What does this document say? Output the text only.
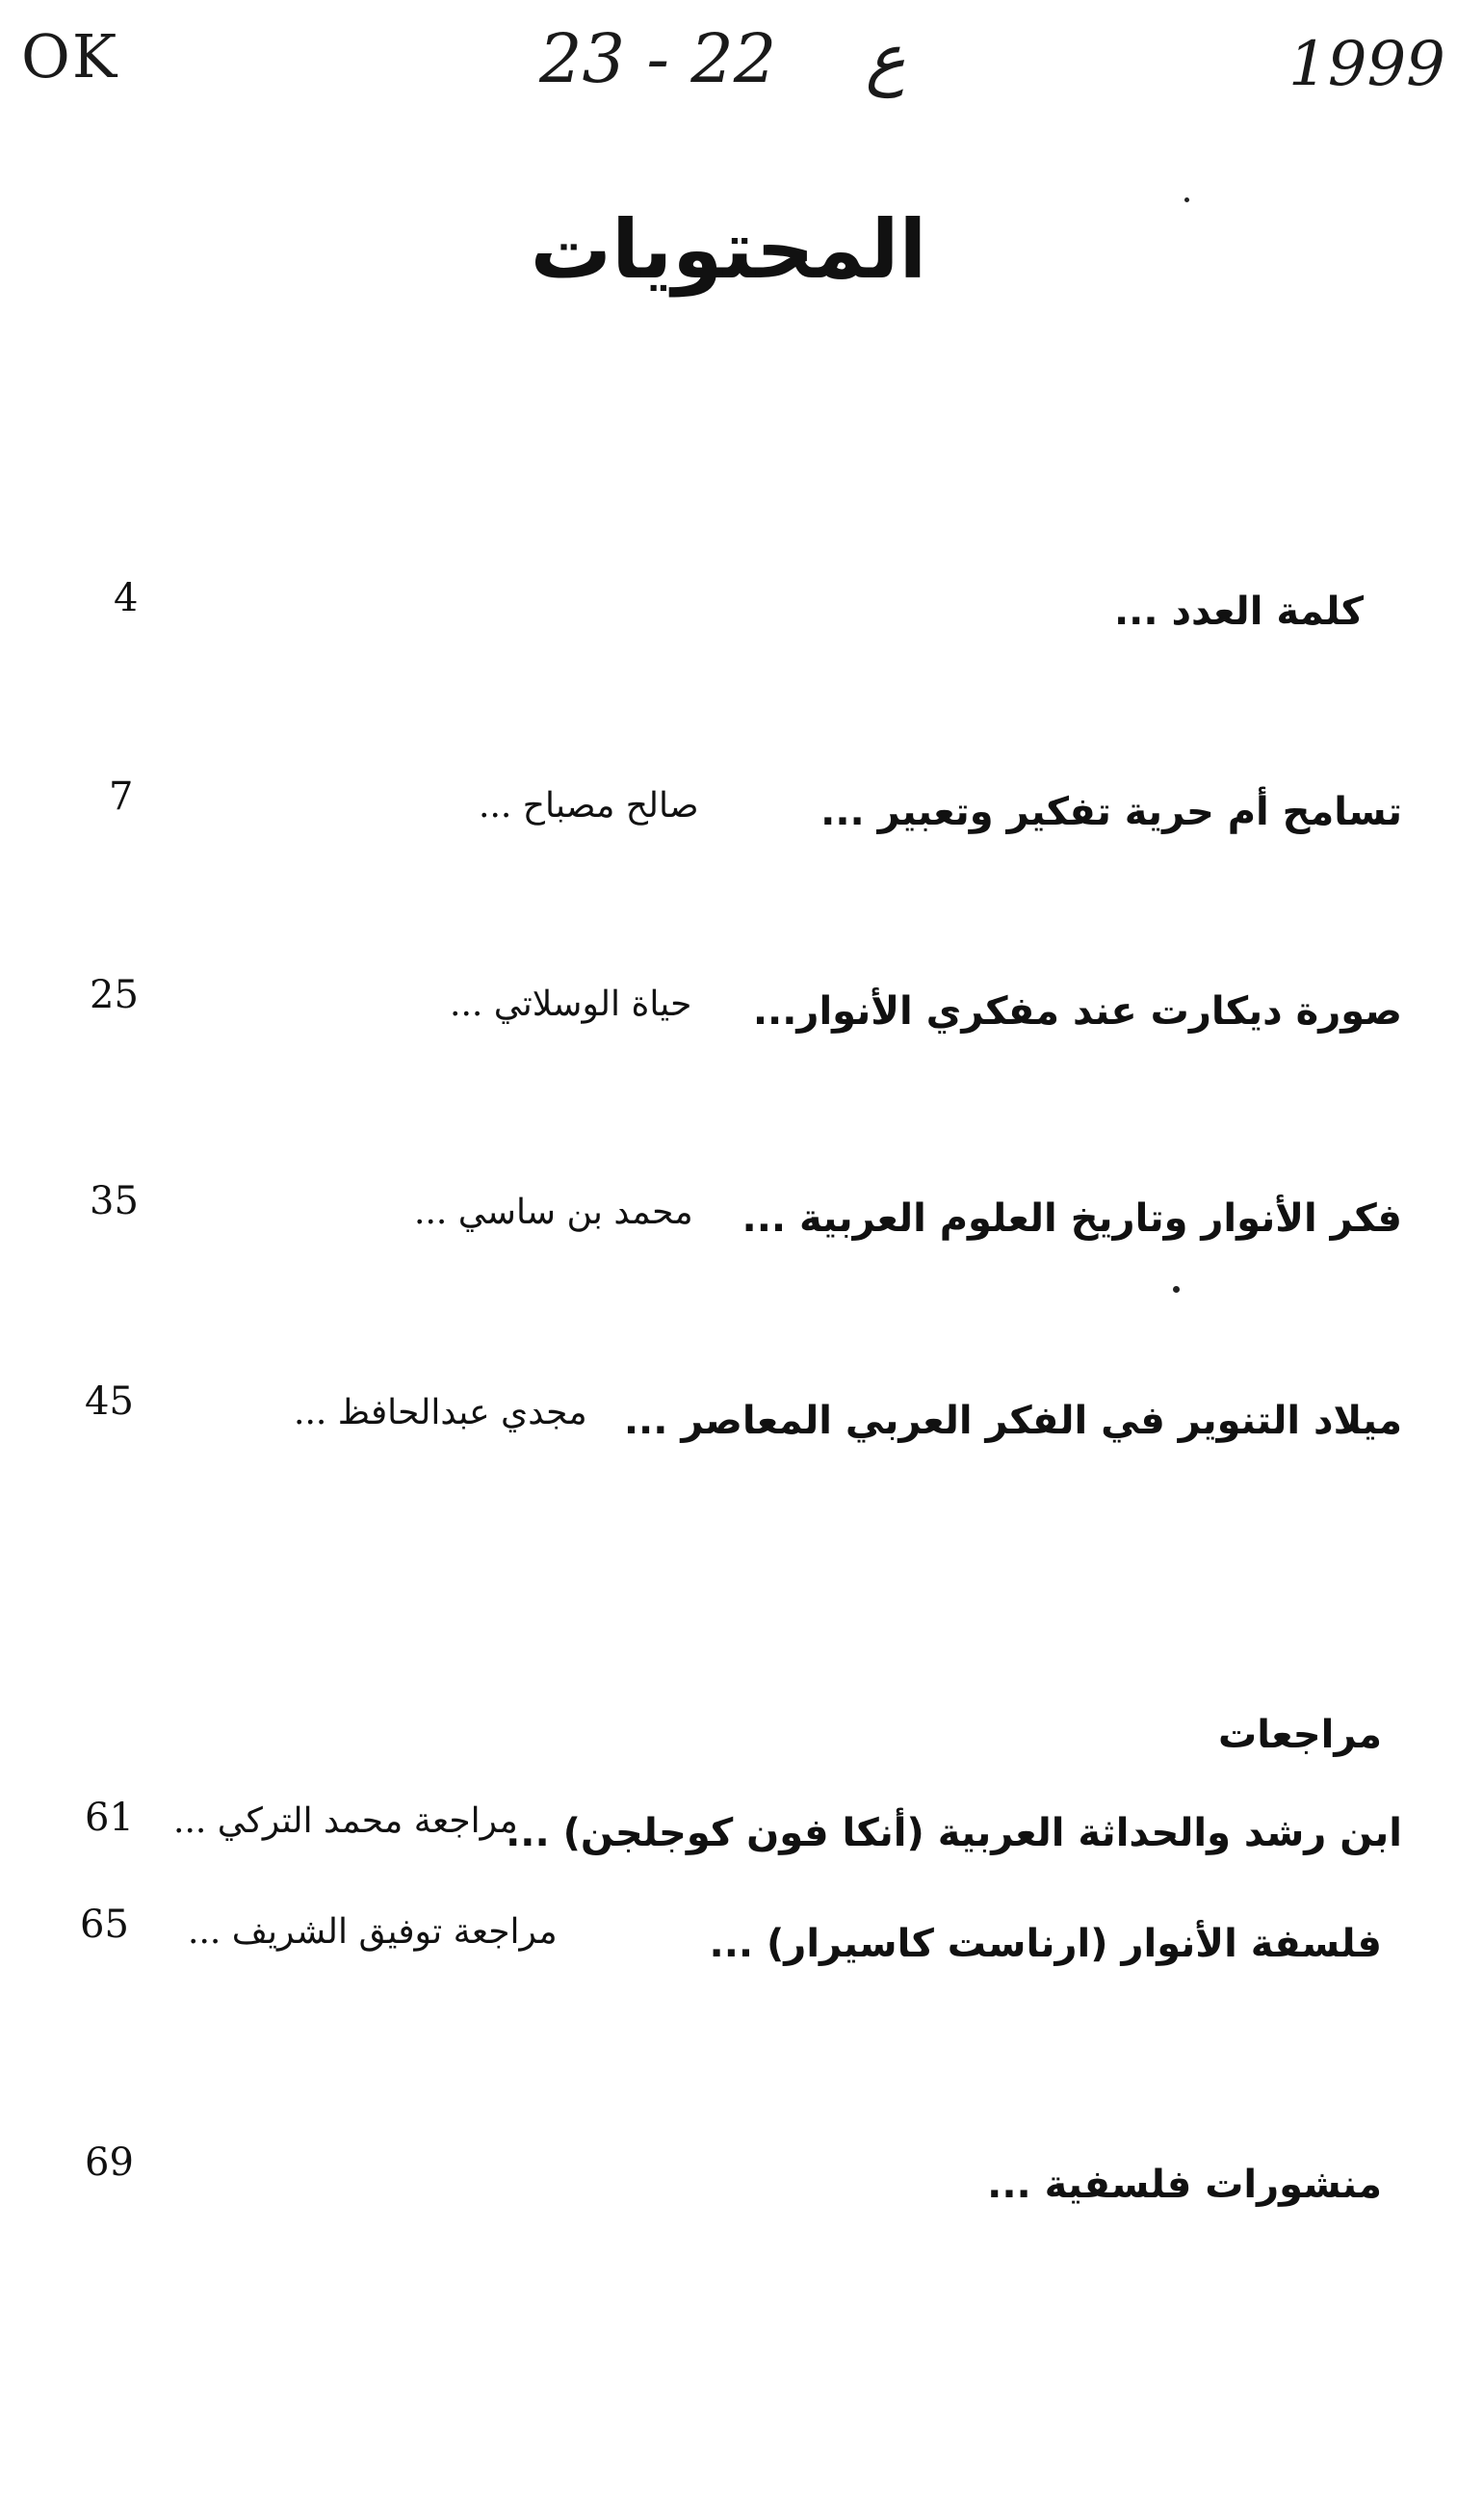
OK	23 - 22 ع	1999
المحتويات
كلمة العدد ...
4
تسامح أم حرية تفكير وتعبير ...
صالح مصباح ...
7
صورة ديكارت عند مفكري الأنوار...
حياة الوسلاتي ...
25
فكر الأنوار وتاريخ العلوم العربية ...
محمد بن ساسي ...
35
ميلاد التنوير في الفكر العربي المعاصر ...
مجدي عبدالحافظ ...
45
مراجعات
ابن رشد والحداثة العربية (أنكا فون كوجلجن) ...
مراجعة محمد التركي ...
61
فلسفة الأنوار (ارناست كاسيرار) ...
مراجعة توفيق الشريف ...
65
منشورات فلسفية ...
69
